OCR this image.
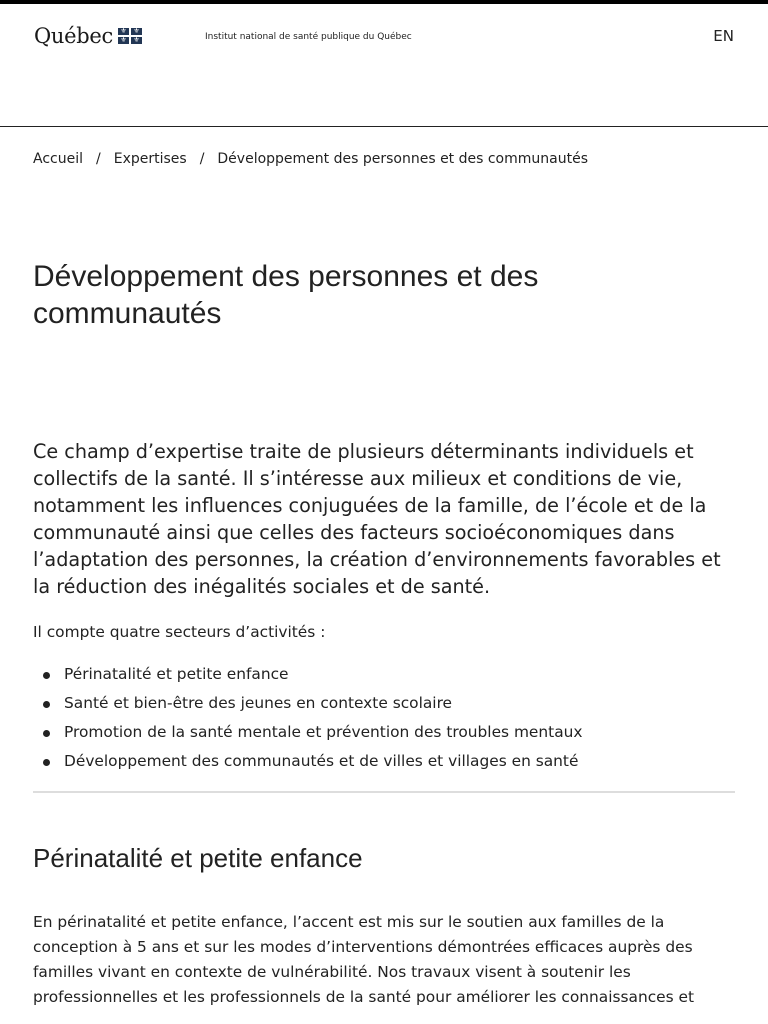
Québec	⚜ ⚜
⚜ ⚜	Institut national de santé publique du Québec	EN
Accueil / Expertises / Développement des personnes et des communautés
Développement des personnes et des communautés

Ce champ d’expertise traite de plusieurs déterminants individuels et collectifs de la santé. Il s’intéresse aux milieux et conditions de vie, notamment les influences conjuguées de la famille, de l’école et de la communauté ainsi que celles des facteurs socioéconomiques dans l’adaptation des personnes, la création d’environnements favorables et la réduction des inégalités sociales et de santé.

Il compte quatre secteurs d’activités :

Périnatalité et petite enfance
Santé et bien-être des jeunes en contexte scolaire
Promotion de la santé mentale et prévention des troubles mentaux
Développement des communautés et de villes et villages en santé
Périnatalité et petite enfance

En périnatalité et petite enfance, l’accent est mis sur le soutien aux familles de la conception à 5 ans et sur les modes d’interventions démontrées efficaces auprès des familles vivant en contexte de vulnérabilité. Nos travaux visent à soutenir les professionnelles et les professionnels de la santé pour améliorer les connaissances et
